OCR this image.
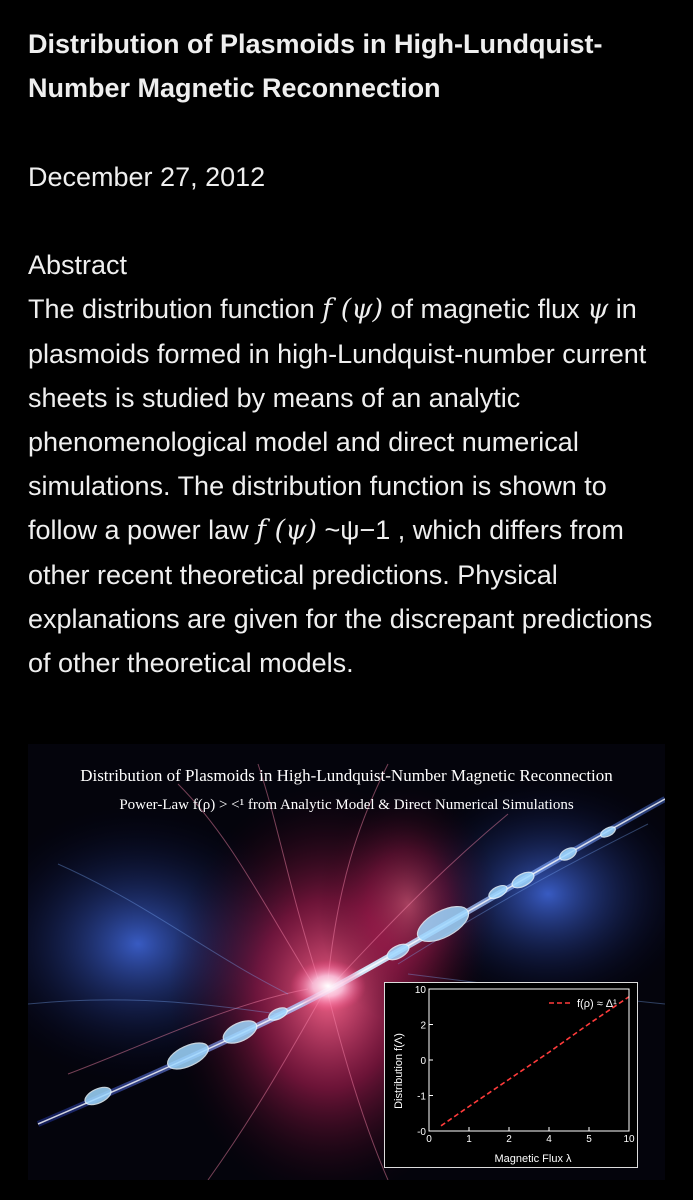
Distribution of Plasmoids in High-Lundquist-Number Magnetic Reconnection
December 27, 2012
Abstract
The distribution function f (ψ) of magnetic flux ψ in plasmoids formed in high-Lundquist-number current sheets is studied by means of an analytic phenomenological model and direct numerical simulations. The distribution function is shown to follow a power law f (ψ) ~ψ−1 , which differs from other recent theoretical predictions. Physical explanations are given for the discrepant predictions of other theoretical models.
Distribution of Plasmoids in High-Lundquist-Number Magnetic Reconnection
Power-Law f(ρ) > <¹ from Analytic Model & Direct Numerical Simulations
-0
-1
0
2
10
10
5
4
2
1
0
Distribution f(Λ)
Magnetic Flux λ
f(ρ) ≈ Δ¹
